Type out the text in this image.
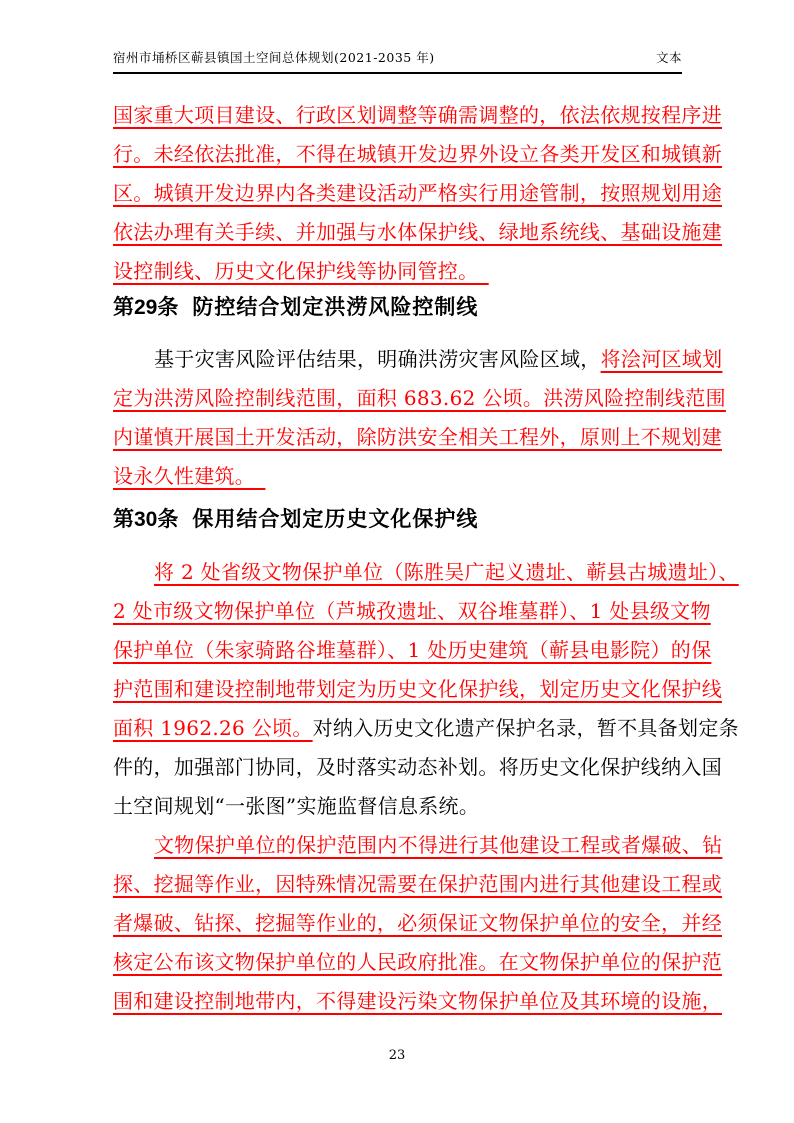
宿州市埇桥区蕲县镇国土空间总体规划(2021-2035 年)	文本
国家重大项目建设、行政区划调整等确需调整的，依法依规按程序进
行。未经依法批准，不得在城镇开发边界外设立各类开发区和城镇新
区。城镇开发边界内各类建设活动严格实行用途管制，按照规划用途
依法办理有关手续、并加强与水体保护线、绿地系统线、基础设施建
设控制线、历史文化保护线等协同管控。　
第29条 防控结合划定洪涝风险控制线
基于灾害风险评估结果，明确洪涝灾害风险区域，将浍河区域划
定为洪涝风险控制线范围，面积 683.62 公顷。洪涝风险控制线范围
内谨慎开展国土开发活动，除防洪安全相关工程外，原则上不规划建
设永久性建筑。 
第30条 保用结合划定历史文化保护线
将 2 处省级文物保护单位（陈胜吴广起义遗址、蕲县古城遗址）、
2 处市级文物保护单位（芦城孜遗址、双谷堆墓群）、1 处县级文物
保护单位（朱家骑路谷堆墓群）、1 处历史建筑（蕲县电影院）的保
护范围和建设控制地带划定为历史文化保护线，划定历史文化保护线
面积 1962.26 公顷。对纳入历史文化遗产保护名录，暂不具备划定条
件的，加强部门协同，及时落实动态补划。将历史文化保护线纳入国
土空间规划“一张图”实施监督信息系统。
文物保护单位的保护范围内不得进行其他建设工程或者爆破、钻
探、挖掘等作业，因特殊情况需要在保护范围内进行其他建设工程或
者爆破、钻探、挖掘等作业的，必须保证文物保护单位的安全，并经
核定公布该文物保护单位的人民政府批准。在文物保护单位的保护范
围和建设控制地带内，不得建设污染文物保护单位及其环境的设施，
23
